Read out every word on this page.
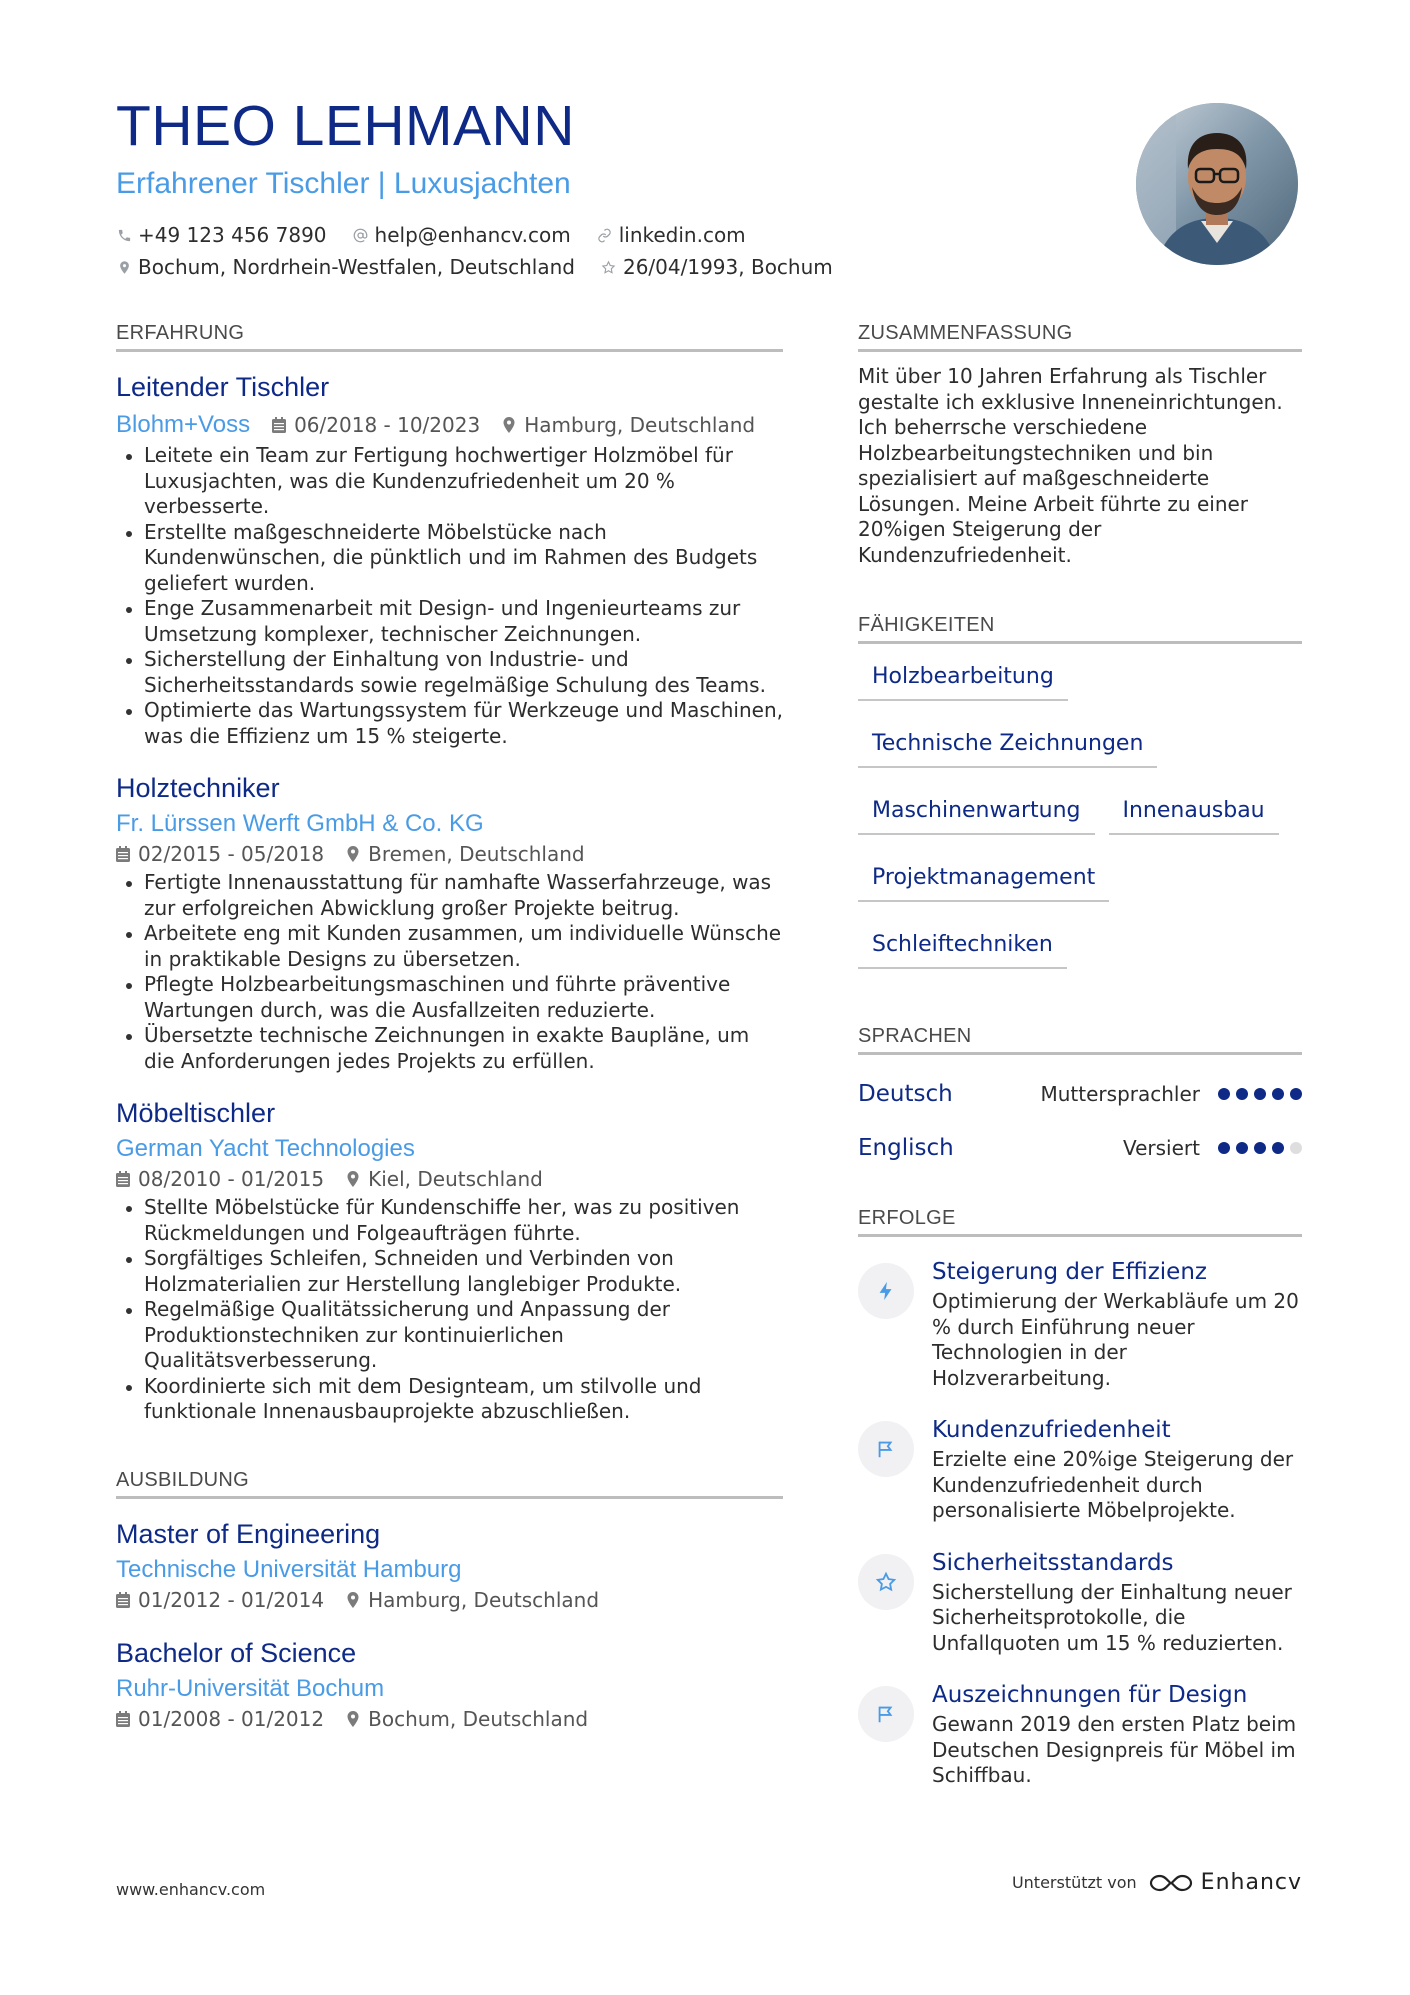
THEO LEHMANN
Erfahrener Tischler | Luxusjachten
+49 123 456 7890 help@enhancv.com linkedin.com
Bochum, Nordrhein-Westfalen, Deutschland 26/04/1993, Bochum
ERFAHRUNG
Leitender Tischler
Blohm+Voss 06/2018 - 10/2023 Hamburg, Deutschland
Leitete ein Team zur Fertigung hochwertiger Holzmöbel für Luxusjachten, was die Kundenzufriedenheit um 20 % verbesserte.
Erstellte maßgeschneiderte Möbelstücke nach Kundenwünschen, die pünktlich und im Rahmen des Budgets geliefert wurden.
Enge Zusammenarbeit mit Design- und Ingenieurteams zur Umsetzung komplexer, technischer Zeichnungen.
Sicherstellung der Einhaltung von Industrie- und Sicherheitsstandards sowie regelmäßige Schulung des Teams.
Optimierte das Wartungssystem für Werkzeuge und Maschinen, was die Effizienz um 15 % steigerte.
Holztechniker
Fr. Lürssen Werft GmbH & Co. KG
02/2015 - 05/2018 Bremen, Deutschland
Fertigte Innenausstattung für namhafte Wasserfahrzeuge, was zur erfolgreichen Abwicklung großer Projekte beitrug.
Arbeitete eng mit Kunden zusammen, um individuelle Wünsche in praktikable Designs zu übersetzen.
Pflegte Holzbearbeitungsmaschinen und führte präventive Wartungen durch, was die Ausfallzeiten reduzierte.
Übersetzte technische Zeichnungen in exakte Baupläne, um die Anforderungen jedes Projekts zu erfüllen.
Möbeltischler
German Yacht Technologies
08/2010 - 01/2015 Kiel, Deutschland
Stellte Möbelstücke für Kundenschiffe her, was zu positiven Rückmeldungen und Folgeaufträgen führte.
Sorgfältiges Schleifen, Schneiden und Verbinden von Holzmaterialien zur Herstellung langlebiger Produkte.
Regelmäßige Qualitätssicherung und Anpassung der Produktionstechniken zur kontinuierlichen Qualitätsverbesserung.
Koordinierte sich mit dem Designteam, um stilvolle und funktionale Innenausbauprojekte abzuschließen.
AUSBILDUNG
Master of Engineering
Technische Universität Hamburg
01/2012 - 01/2014 Hamburg, Deutschland
Bachelor of Science
Ruhr-Universität Bochum
01/2008 - 01/2012 Bochum, Deutschland
ZUSAMMENFASSUNG
Mit über 10 Jahren Erfahrung als Tischler gestalte ich exklusive Inneneinrichtungen. Ich beherrsche verschiedene Holzbearbeitungstechniken und bin spezialisiert auf maßgeschneiderte Lösungen. Meine Arbeit führte zu einer 20%igen Steigerung der Kundenzufriedenheit.
FÄHIGKEITEN
Holzbearbeitung
Technische Zeichnungen
Maschinenwartung	Innenausbau
Projektmanagement
Schleiftechniken
SPRACHEN
Deutsch	Muttersprachler
Englisch	Versiert
ERFOLGE
Steigerung der Effizienz
Optimierung der Werkabläufe um 20 % durch Einführung neuer Technologien in der Holzverarbeitung.
Kundenzufriedenheit
Erzielte eine 20%ige Steigerung der Kundenzufriedenheit durch personalisierte Möbelprojekte.
Sicherheitsstandards
Sicherstellung der Einhaltung neuer Sicherheitsprotokolle, die Unfallquoten um 15 % reduzierten.
Auszeichnungen für Design
Gewann 2019 den ersten Platz beim Deutschen Designpreis für Möbel im Schiffbau.
www.enhancv.com	Unterstützt von	Enhancv
